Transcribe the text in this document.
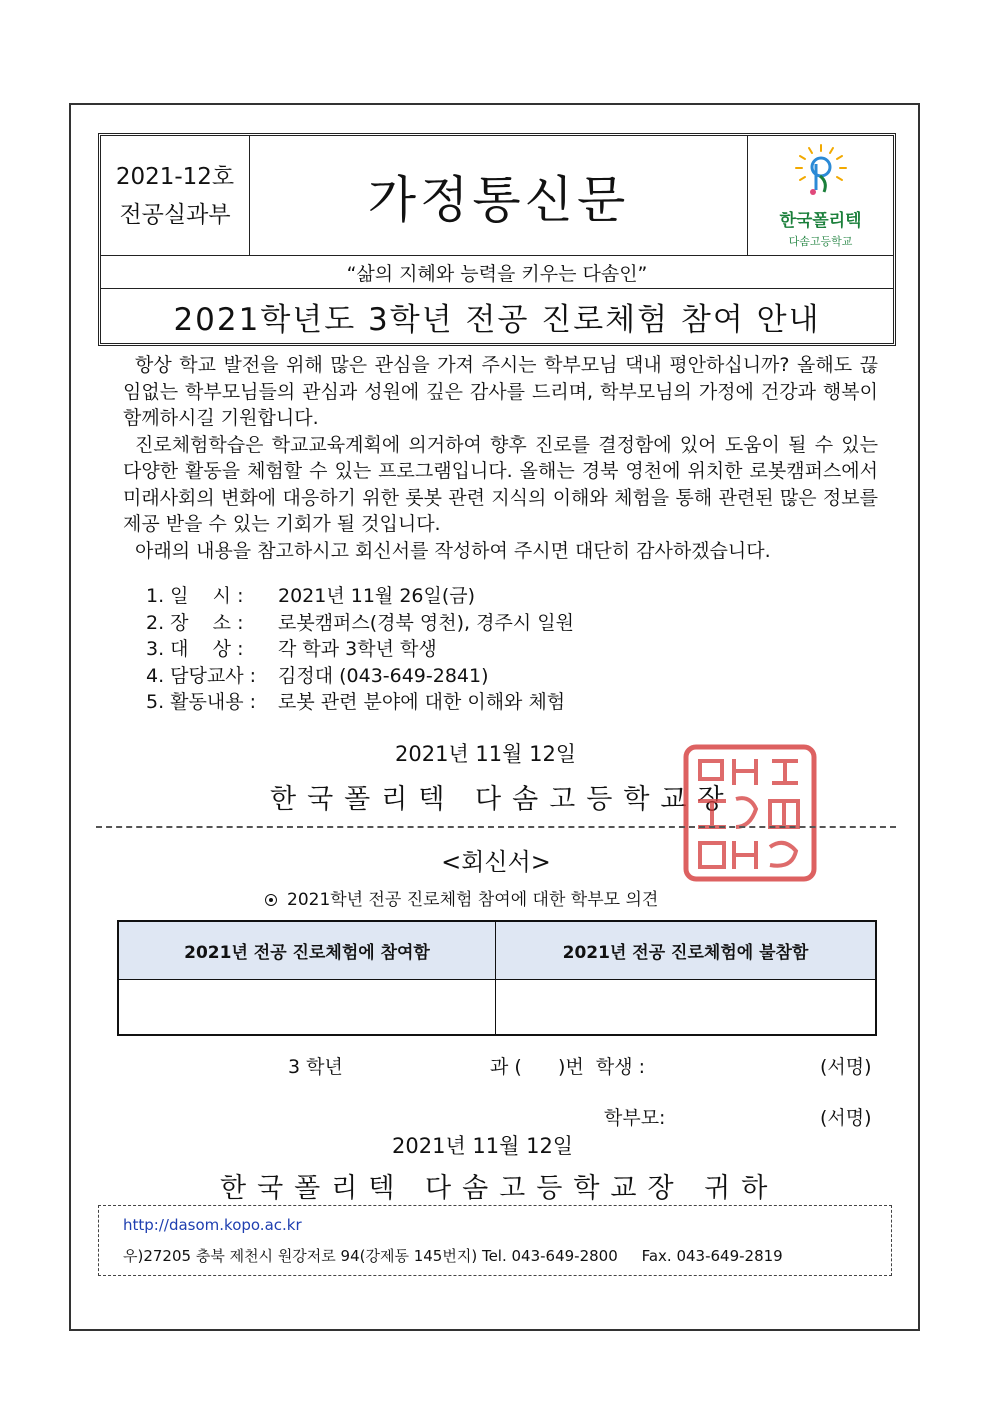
2021-12호
전공실과부	가정통신문	한국폴리텍
다솜고등학교
“삶의 지혜와 능력을 키우는 다솜인”
2021학년도 3학년 전공 진로체험 참여 안내

항상 학교 발전을 위해 많은 관심을 가져 주시는 학부모님 댁내 평안하십니까? 올해도 끊임없는 학부모님들의 관심과 성원에 깊은 감사를 드리며, 학부모님의 가정에 건강과 행복이 함께하시길 기원합니다.

진로체험학습은 학교교육계획에 의거하여 향후 진로를 결정함에 있어 도움이 될 수 있는 다양한 활동을 체험할 수 있는 프로그램입니다. 올해는 경북 영천에 위치한 로봇캠퍼스에서 미래사회의 변화에 대응하기 위한 롯봇 관련 지식의 이해와 체험을 통해 관련된 많은 정보를 제공 받을 수 있는 기회가 될 것입니다.

아래의 내용을 참고하시고 회신서를 작성하여 주시면 대단히 감사하겠습니다.

1. 일    시 :	2021년 11월 26일(금)
2. 장    소 :	로봇캠퍼스(경북 영천), 경주시 일원
3. 대    상 :	각 학과 3학년 학생
4. 담당교사 :	김정대 (043-649-2841)
5. 활동내용 :	로봇 관련 분야에 대한 이해와 체험
2021년 11월 12일
한국폴리텍 다솜고등학교장
<회신서>
2021학년 전공 진로체험 참여에 대한 학부모 의견
2021년 전공 진로체험에 참여함	2021년 전공 진로체험에 불참함
3 학년	과 (      )번  학생 :	(서명)
학부모:	(서명)
2021년 11월 12일
한국폴리텍 다솜고등학교장 귀하
http://dasom.kopo.ac.kr
우)27205 충북 제천시 원강저로 94(강제동 145번지) Tel. 043-649-2800     Fax. 043-649-2819
